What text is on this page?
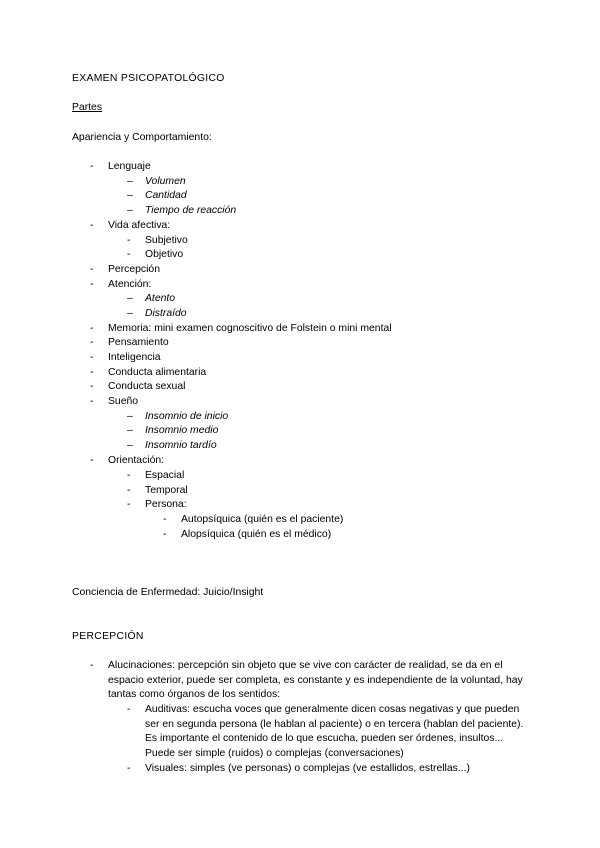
EXAMEN PSICOPATOLÓGICO
Partes
Apariencia y Comportamiento:
- Lenguaje
– Volumen
– Cantidad
– Tiempo de reacción
- Vida afectiva:
- Subjetivo
- Objetivo
- Percepción
- Atención:
– Atento
– Distraído
- Memoria: mini examen cognoscitivo de Folstein o mini mental
- Pensamiento
- Inteligencia
- Conducta alimentaria
- Conducta sexual
- Sueño
– Insomnio de inicio
– Insomnio medio
– Insomnio tardío
- Orientación:
- Espacial
- Temporal
- Persona:
- Autopsíquica (quién es el paciente)
- Alopsíquica (quién es el médico)
Conciencia de Enfermedad: Juicio/Insight
PERCEPCIÓN
- Alucinaciones: percepción sin objeto que se vive con carácter de realidad, se da en el espacio exterior, puede ser completa, es constante y es independiente de la voluntad, hay tantas como órganos de los sentidos:
- Auditivas: escucha voces que generalmente dicen cosas negativas y que pueden ser en segunda persona (le hablan al paciente) o en tercera (hablan del paciente). Es importante el contenido de lo que escucha, pueden ser órdenes, insultos... Puede ser simple (ruidos) o complejas (conversaciones)
- Visuales: simples (ve personas) o complejas (ve estallidos, estrellas...)
